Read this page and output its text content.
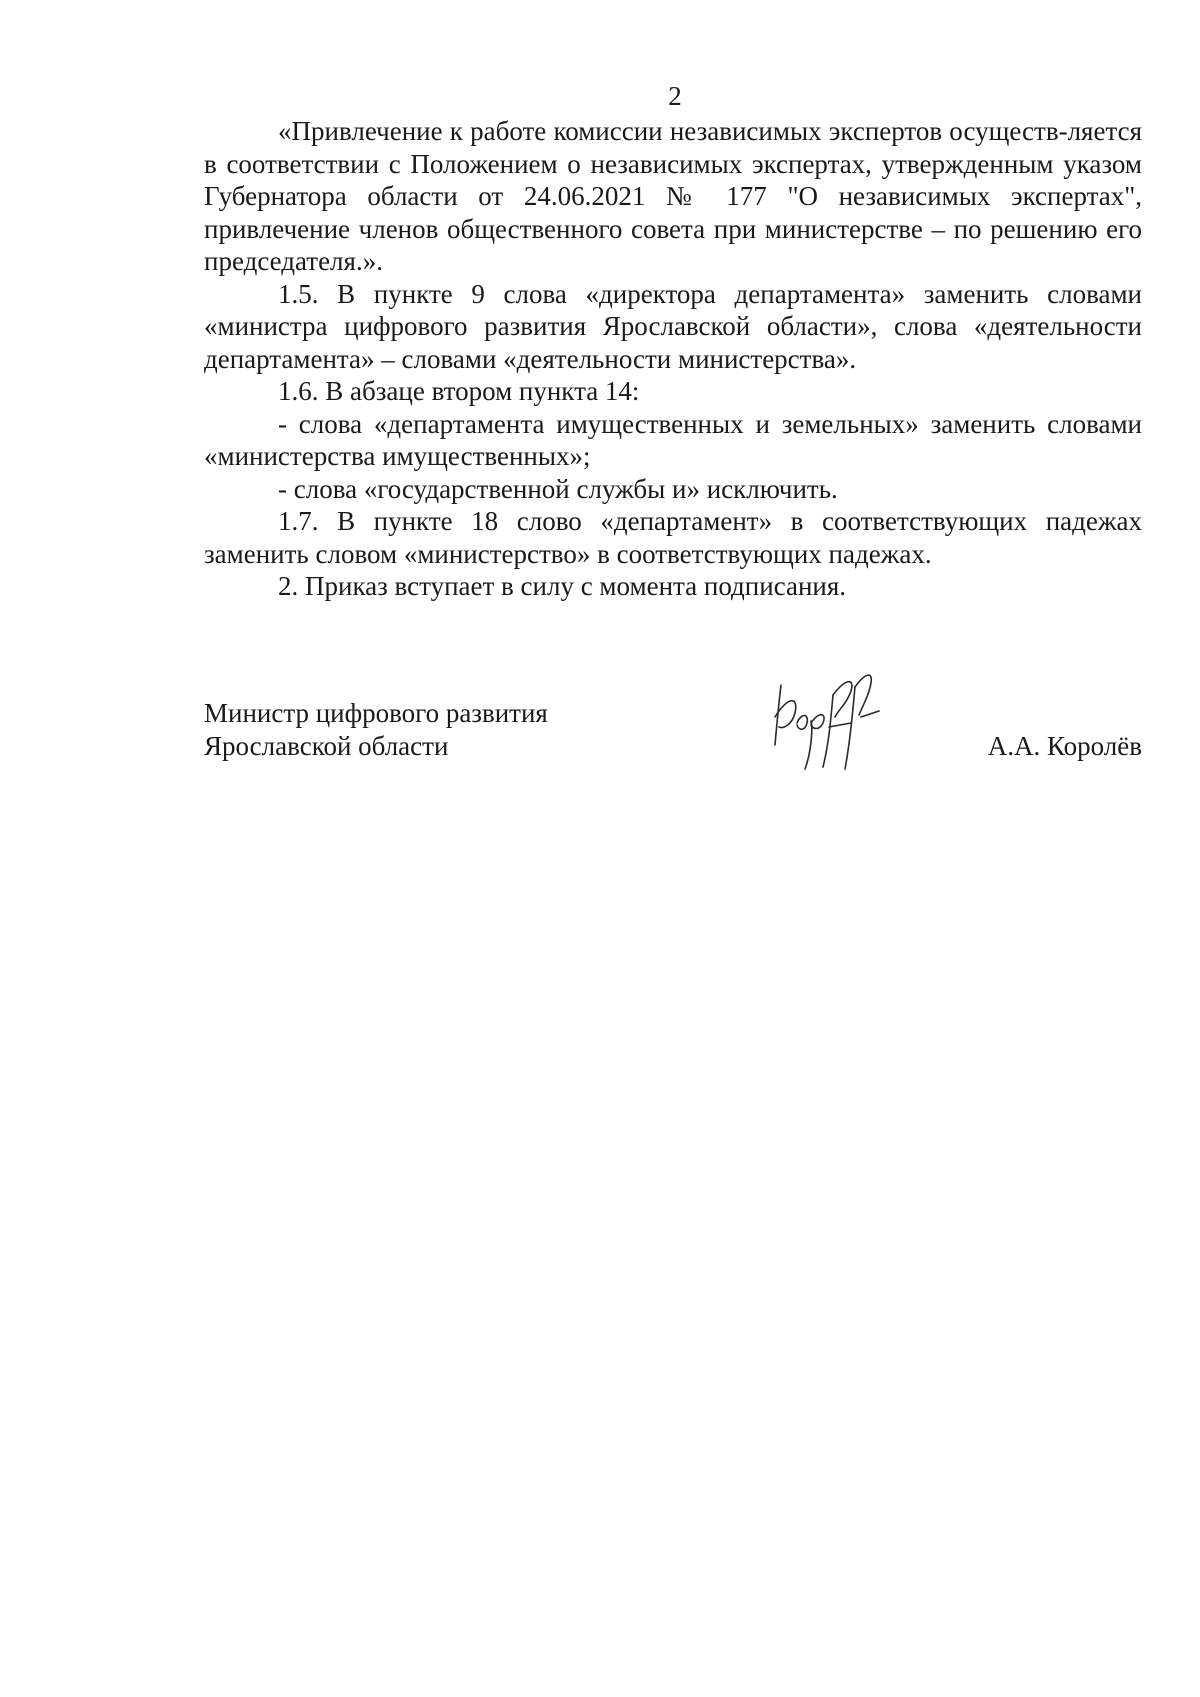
2

«Привлечение к работе комиссии независимых экспертов осуществ-ляется в соответствии с Положением о независимых экспертах, утвержденным указом Губернатора области от 24.06.2021 № 177 "О независимых экспертах", привлечение членов общественного совета при министерстве – по решению его председателя.».

1.5. В пункте 9 слова «директора департамента» заменить словами «министра цифрового развития Ярославской области», слова «деятельности департамента» – словами «деятельности министерства».

1.6. В абзаце втором пункта 14:

- слова «департамента имущественных и земельных» заменить словами «министерства имущественных»;

- слова «государственной службы и» исключить.

1.7. В пункте 18 слово «департамент» в соответствующих падежах заменить словом «министерство» в соответствующих падежах.

2. Приказ вступает в силу с момента подписания.

Министр цифрового развития
Ярославской области	А.А. Королёв
